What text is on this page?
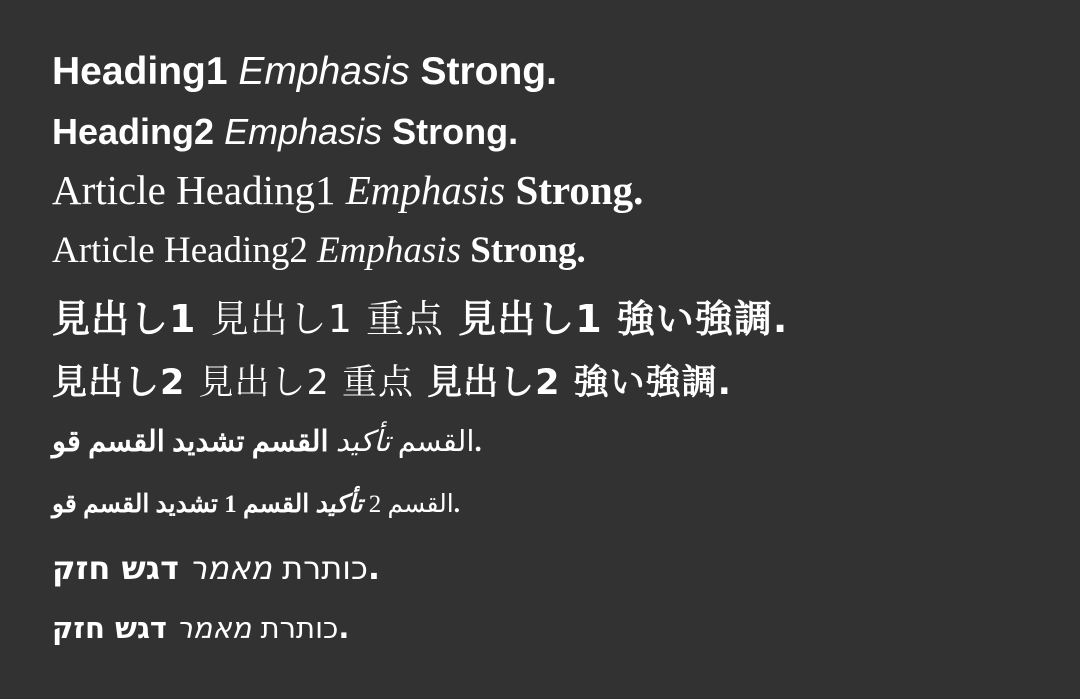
Heading1 Emphasis Strong.
Heading2 Emphasis Strong.
Article Heading1 Emphasis Strong.
Article Heading2 Emphasis Strong.
見出し1 見出し1 重点 見出し1 強い強調.
見出し2 見出し2 重点 見出し2 強い強調.
القسم تأكيد القسم تشديد القسم قو.
القسم 2 تأكيد القسم 1 تشديد القسم قو.
כותרת מאמר דגש חזק.
כותרת מאמר דגש חזק.
